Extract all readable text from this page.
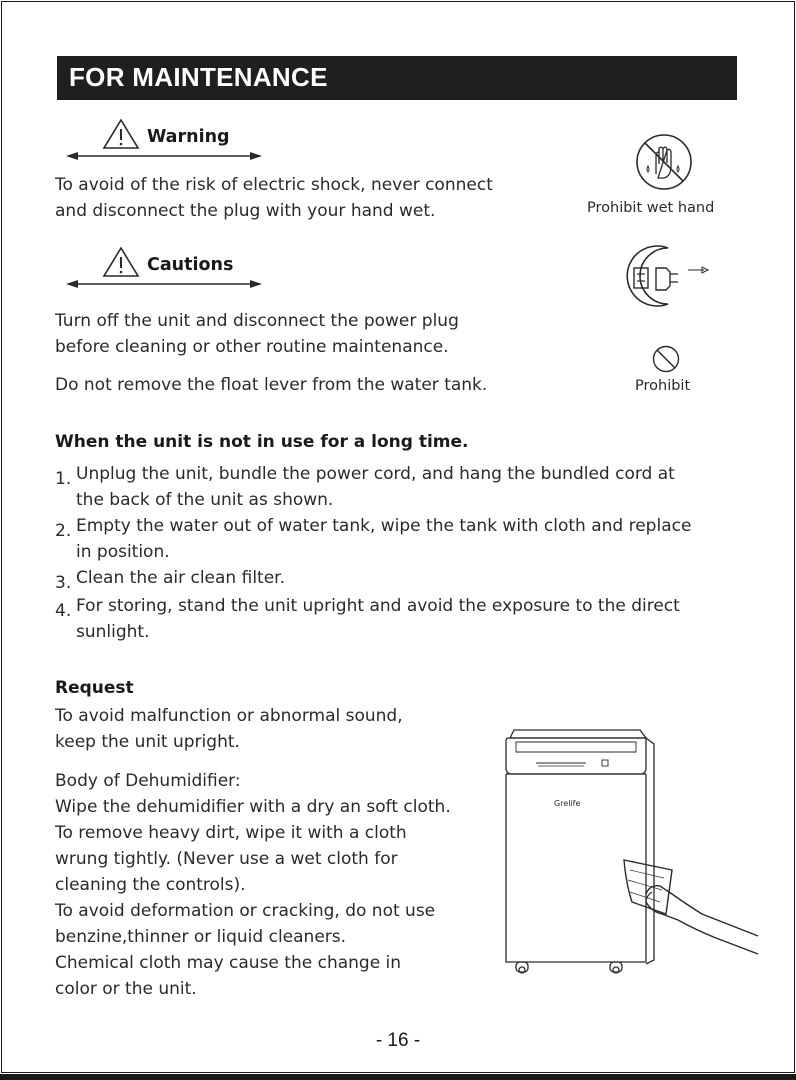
FOR MAINTENANCE
Warning
To avoid of the risk of electric shock, never connect
and disconnect the plug with your hand wet.	Prohibit wet hand
Cautions
Turn off the unit and disconnect the power plug
before cleaning or other routine maintenance.
Do not remove the float lever from the water tank.	Prohibit
When the unit is not in use for a long time.
1. Unplug the unit, bundle the power cord, and hang the bundled cord at
the back of the unit as shown.
2. Empty the water out of water tank, wipe the tank with cloth and replace
in position.
3. Clean the air clean filter.
4. For storing, stand the unit upright and avoid the exposure to the direct
sunlight.
Request
To avoid malfunction or abnormal sound,
keep the unit upright.
Body of Dehumidifier:
Wipe the dehumidifier with a dry an soft cloth.
To remove heavy dirt, wipe it with a cloth
wrung tightly. (Never use a wet cloth for
cleaning the controls).
To avoid deformation or cracking, do not use
benzine,thinner or liquid cleaners.
Chemical cloth may cause the change in
color or the unit.
Grelife
- 16 -
